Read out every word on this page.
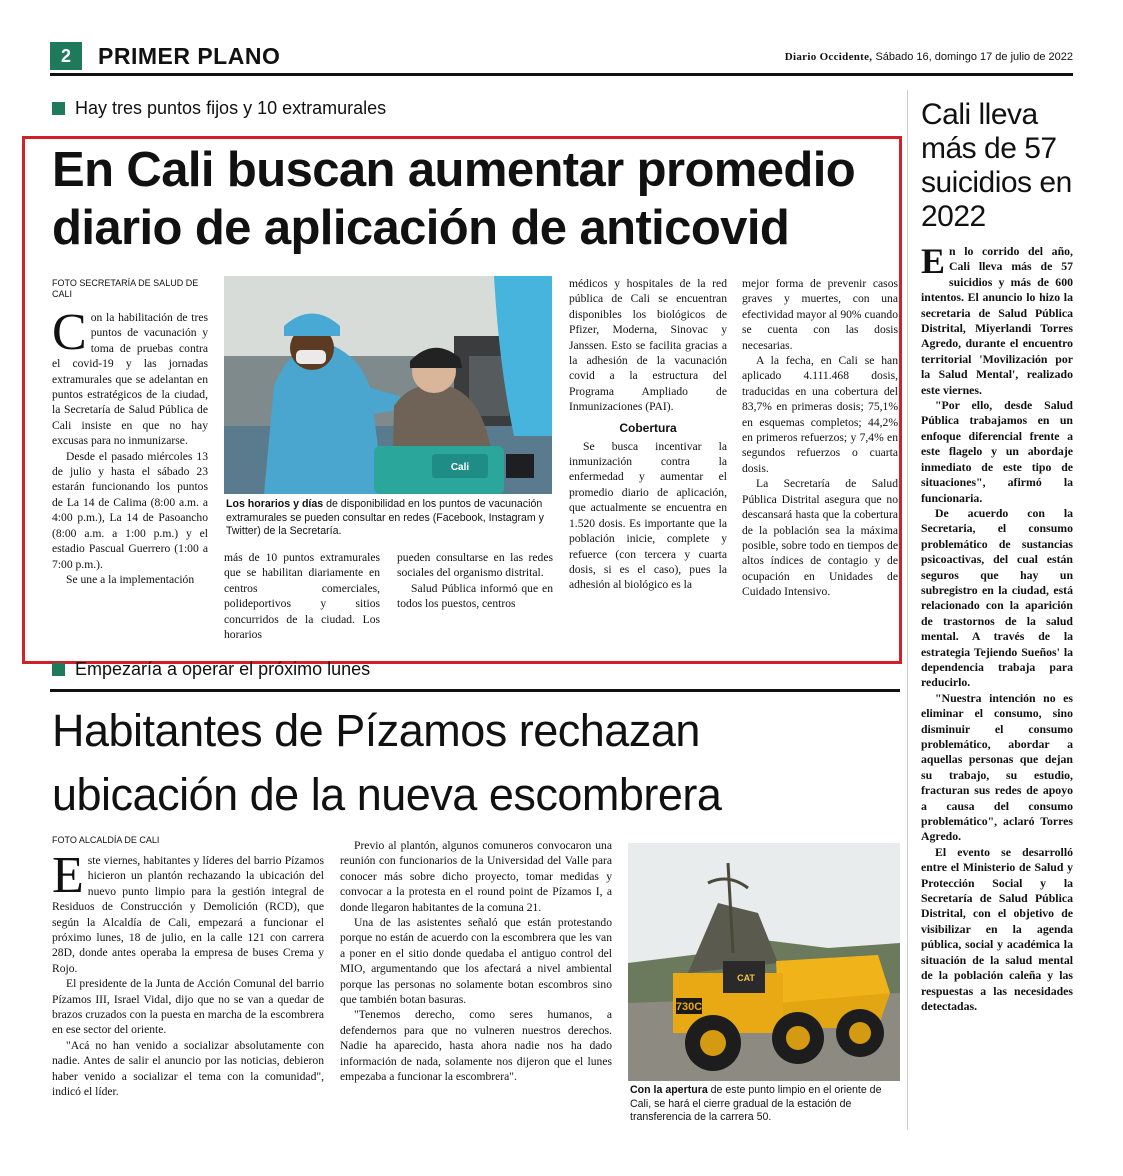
2	PRIMER PLANO	Diario Occidente, Sábado 16, domingo 17 de julio de 2022
Hay tres puntos fijos y 10 extramurales
En Cali buscan aumentar promedio
diario de aplicación de anticovid
FOTO SECRETARÍA DE SALUD DE CALI

Con la habilitación de tres puntos de vacunación y toma de pruebas contra el covid-19 y las jornadas extramurales que se adelantan en puntos estratégicos de la ciudad, la Secretaría de Salud Pública de Cali insiste en que no hay excusas para no inmunizarse.

Desde el pasado miércoles 13 de julio y hasta el sábado 23 estarán funcionando los puntos de La 14 de Calima (8:00 a.m. a 4:00 p.m.), La 14 de Pasoancho (8:00 a.m. a 1:00 p.m.) y el estadio Pascual Guerrero (1:00 a 7:00 p.m.).

Se une a la implementación

Cali
Los horarios y días de disponibilidad en los puntos de vacunación extramurales se pueden consultar en redes (Facebook, Instagram y Twitter) de la Secretaría.

más de 10 puntos extramurales que se habilitan diariamente en centros comerciales, polideportivos y sitios concurridos de la ciudad. Los horarios

pueden consultarse en las redes sociales del organismo distrital.

Salud Pública informó que en todos los puestos, centros

médicos y hospitales de la red pública de Cali se encuentran disponibles los biológicos de Pfizer, Moderna, Sinovac y Janssen. Esto se facilita gracias a la adhesión de la vacunación covid a la estructura del Programa Ampliado de Inmunizaciones (PAI).

Cobertura

Se busca incentivar la inmunización contra la enfermedad y aumentar el promedio diario de aplicación, que actualmente se encuentra en 1.520 dosis. Es importante que la población inicie, complete y refuerce (con tercera y cuarta dosis, si es el caso), pues la adhesión al biológico es la

mejor forma de prevenir casos graves y muertes, con una efectividad mayor al 90% cuando se cuenta con las dosis necesarias.

A la fecha, en Cali se han aplicado 4.111.468 dosis, traducidas en una cobertura del 83,7% en primeras dosis; 75,1% en esquemas completos; 44,2% en primeros refuerzos; y 7,4% en segundos refuerzos o cuarta dosis.

La Secretaría de Salud Pública Distrital asegura que no descansará hasta que la cobertura de la población sea la máxima posible, sobre todo en tiempos de altos índices de contagio y de ocupación en Unidades de Cuidado Intensivo.

Empezaría a operar el próximo lunes
Habitantes de Pízamos rechazan
ubicación de la nueva escombrera
FOTO ALCALDÍA DE CALI

Este viernes, habitantes y líderes del barrio Pízamos hicieron un plantón rechazando la ubicación del nuevo punto limpio para la gestión integral de Residuos de Construcción y Demolición (RCD), que según la Alcaldía de Cali, empezará a funcionar el próximo lunes, 18 de julio, en la calle 121 con carrera 28D, donde antes operaba la empresa de buses Crema y Rojo.

El presidente de la Junta de Acción Comunal del barrio Pízamos III, Israel Vidal, dijo que no se van a quedar de brazos cruzados con la puesta en marcha de la escombrera en ese sector del oriente.

"Acá no han venido a socializar absolutamente con nadie. Antes de salir el anuncio por las noticias, debieron haber venido a socializar el tema con la comunidad", indicó el líder.

Previo al plantón, algunos comuneros convocaron una reunión con funcionarios de la Universidad del Valle para conocer más sobre dicho proyecto, tomar medidas y convocar a la protesta en el round point de Pízamos I, a donde llegaron habitantes de la comuna 21.

Una de las asistentes señaló que están protestando porque no están de acuerdo con la escombrera que les van a poner en el sitio donde quedaba el antiguo control del MIO, argumentando que los afectará a nivel ambiental porque las personas no solamente botan escombros sino que también botan basuras.

"Tenemos derecho, como seres humanos, a defendernos para que no vulneren nuestros derechos. Nadie ha aparecido, hasta ahora nadie nos ha dado información de nada, solamente nos dijeron que el lunes empezaba a funcionar la escombrera".

730C
CAT
Con la apertura de este punto limpio en el oriente de Cali, se hará el cierre gradual de la estación de transferencia de la carrera 50.
Cali lleva más de 57 suicidios en 2022

En lo corrido del año, Cali lleva más de 57 suicidios y más de 600 intentos. El anuncio lo hizo la secretaria de Salud Pública Distrital, Miyerlandi Torres Agredo, durante el encuentro territorial 'Movilización por la Salud Mental', realizado este viernes.

"Por ello, desde Salud Pública trabajamos en un enfoque diferencial frente a este flagelo y un abordaje inmediato de este tipo de situaciones", afirmó la funcionaria.

De acuerdo con la Secretaria, el consumo problemático de sustancias psicoactivas, del cual están seguros que hay un subregistro en la ciudad, está relacionado con la aparición de trastornos de la salud mental. A través de la estrategia Tejiendo Sueños' la dependencia trabaja para reducirlo.

"Nuestra intención no es eliminar el consumo, sino disminuir el consumo problemático, abordar a aquellas personas que dejan su trabajo, su estudio, fracturan sus redes de apoyo a causa del consumo problemático", aclaró Torres Agredo.

El evento se desarrolló entre el Ministerio de Salud y Protección Social y la Secretaría de Salud Pública Distrital, con el objetivo de visibilizar en la agenda pública, social y académica la situación de la salud mental de la población caleña y las respuestas a las necesidades detectadas.
